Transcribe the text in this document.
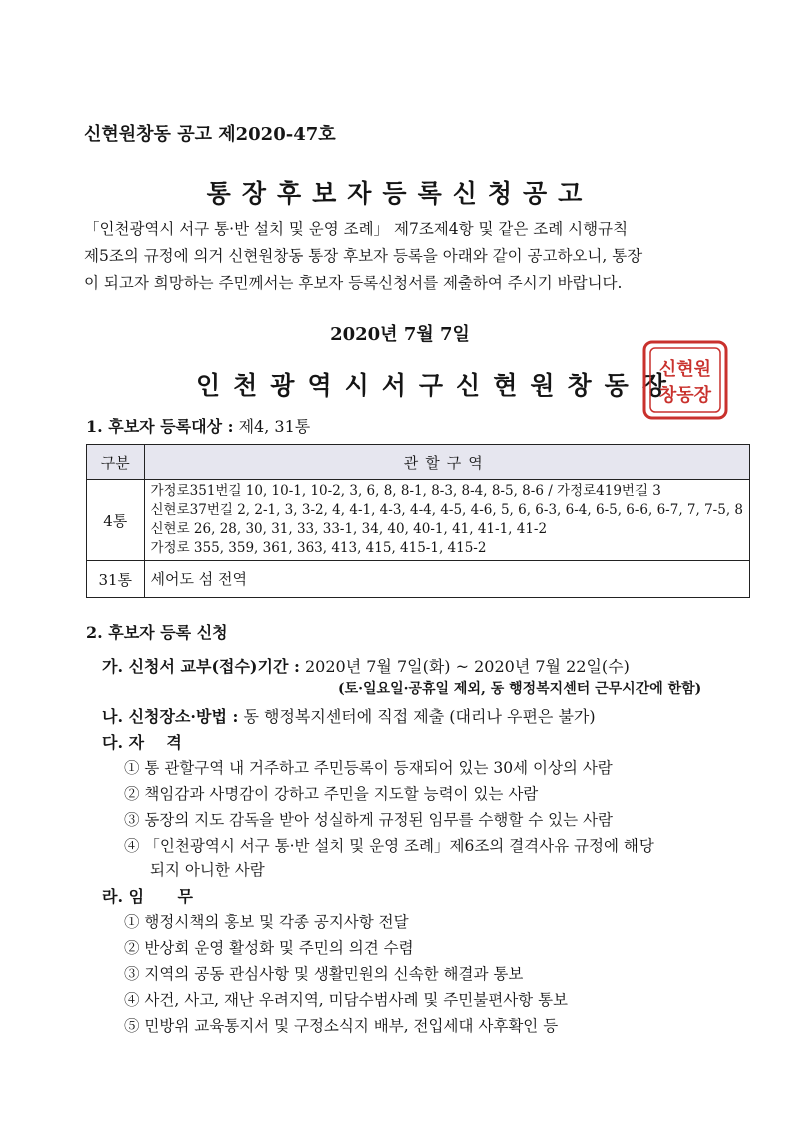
신현원창동 공고 제2020-47호
통장후보자등록신청공고

「인천광역시 서구 통·반 설치 및 운영 조례」 제7조제4항 및 같은 조례 시행규칙

제5조의 규정에 의거 신현원창동 통장 후보자 등록을 아래와 같이 공고하오니, 통장

이 되고자 희망하는 주민께서는 후보자 등록신청서를 제출하여 주시기 바랍니다.

2020년 7월 7일
인천광역시서구신현원창동장
신현원
창동장
1. 후보자 등록대상 : 제4, 31통
구분	관할구역
4통	가정로351번길 10, 10-1, 10-2, 3, 6, 8, 8-1, 8-3, 8-4, 8-5, 8-6 / 가정로419번길 3
신현로37번길 2, 2-1, 3, 3-2, 4, 4-1, 4-3, 4-4, 4-5, 4-6, 5, 6, 6-3, 6-4, 6-5, 6-6, 6-7, 7, 7-5, 8
신현로 26, 28, 30, 31, 33, 33-1, 34, 40, 40-1, 41, 41-1, 41-2
가정로 355, 359, 361, 363, 413, 415, 415-1, 415-2

31통	세어도 섬 전역
2. 후보자 등록 신청
가. 신청서 교부(접수)기간 : 2020년 7월 7일(화) ~ 2020년 7월 22일(수)
(토·일요일·공휴일 제외, 동 행정복지센터 근무시간에 한함)
나. 신청장소·방법 : 동 행정복지센터에 직접 제출 (대리나 우편은 불가)
다. 자    격
① 통 관할구역 내 거주하고 주민등록이 등재되어 있는 30세 이상의 사람
② 책임감과 사명감이 강하고 주민을 지도할 능력이 있는 사람
③ 동장의 지도 감독을 받아 성실하게 규정된 임무를 수행할 수 있는 사람
④ 「인천광역시 서구 통·반 설치 및 운영 조례」제6조의 결격사유 규정에 해당
되지 아니한 사람
라. 임      무
① 행정시책의 홍보 및 각종 공지사항 전달
② 반상회 운영 활성화 및 주민의 의견 수렴
③ 지역의 공동 관심사항 및 생활민원의 신속한 해결과 통보
④ 사건, 사고, 재난 우려지역, 미담수범사례 및 주민불편사항 통보
⑤ 민방위 교육통지서 및 구정소식지 배부, 전입세대 사후확인 등
